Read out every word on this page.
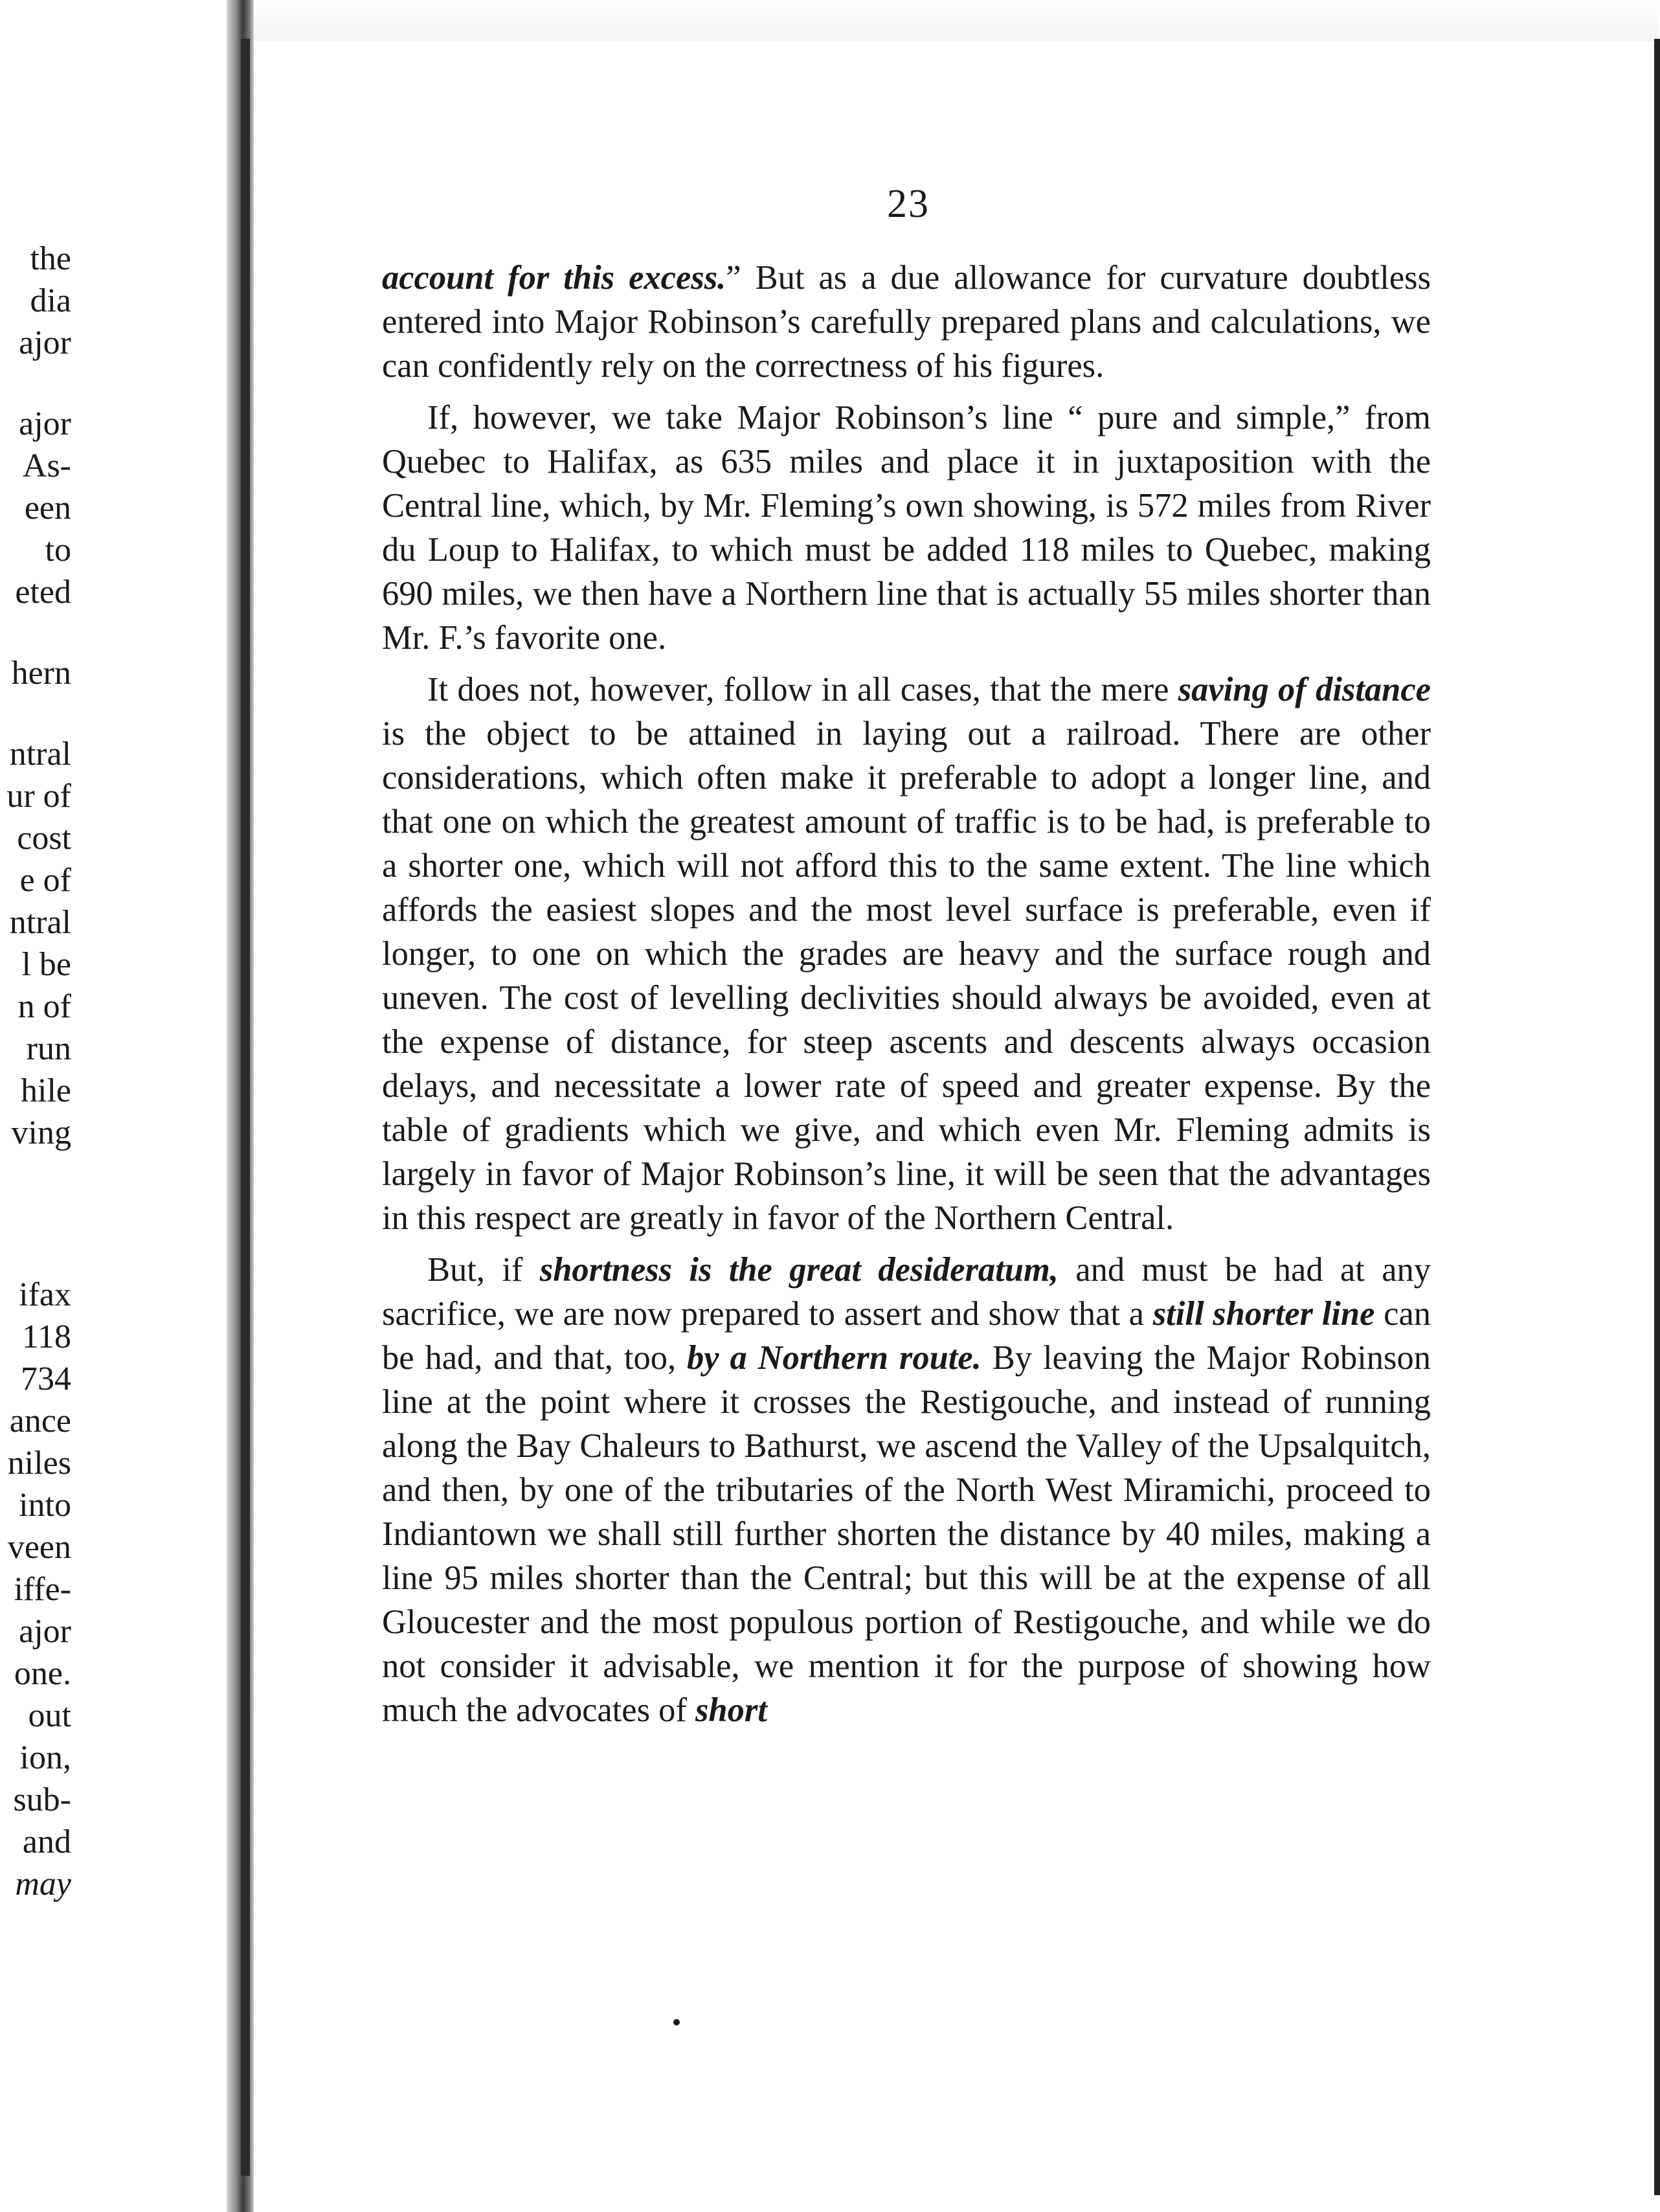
the
dia
ajor
ajor
As-
een
to
eted
hern
ntral
ur of
cost
e of
ntral
l be
n of
run
hile
ving
ifax
118
734
ance
niles
into
veen
iffe-
ajor
one.
out
ion,
sub-
and
may
23

account for this excess.” But as a due allowance for curvature doubtless entered into Major Robinson’s carefully prepared plans and calculations, we can confidently rely on the correctness of his figures.

If, however, we take Major Robinson’s line “ pure and simple,” from Quebec to Halifax, as 635 miles and place it in juxtaposition with the Central line, which, by Mr. Fleming’s own showing, is 572 miles from River du Loup to Halifax, to which must be added 118 miles to Quebec, making 690 miles, we then have a Northern line that is actually 55 miles shorter than Mr. F.’s favorite one.

It does not, however, follow in all cases, that the mere saving of distance is the object to be attained in laying out a railroad. There are other considerations, which often make it preferable to adopt a longer line, and that one on which the greatest amount of traffic is to be had, is preferable to a shorter one, which will not afford this to the same extent. The line which affords the easiest slopes and the most level surface is preferable, even if longer, to one on which the grades are heavy and the surface rough and uneven. The cost of levelling declivities should always be avoided, even at the expense of distance, for steep ascents and descents always occasion delays, and necessitate a lower rate of speed and greater expense. By the table of gradients which we give, and which even Mr. Fleming admits is largely in favor of Major Robinson’s line, it will be seen that the advantages in this respect are greatly in favor of the Northern Central.

But, if shortness is the great desideratum, and must be had at any sacrifice, we are now prepared to assert and show that a still shorter line can be had, and that, too, by a Northern route. By leaving the Major Robinson line at the point where it crosses the Restigouche, and instead of running along the Bay Chaleurs to Bathurst, we ascend the Valley of the Upsalquitch, and then, by one of the tributaries of the North West Miramichi, proceed to Indiantown we shall still further shorten the distance by 40 miles, making a line 95 miles shorter than the Central; but this will be at the expense of all Gloucester and the most populous portion of Restigouche, and while we do not consider it advisable, we mention it for the purpose of showing how much the advocates of short
